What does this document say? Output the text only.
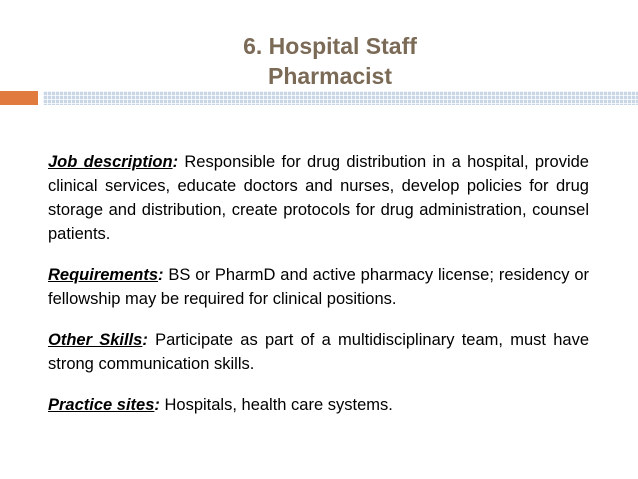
6. Hospital Staff
Pharmacist

Job description: Responsible for drug distribution in a hospital, provide clinical services, educate doctors and nurses, develop policies for drug storage and distribution, create protocols for drug administration, counsel patients.

Requirements: BS or PharmD and active pharmacy license; residency or fellowship may be required for clinical positions.

Other Skills: Participate as part of a multidisciplinary team, must have strong communication skills.

Practice sites: Hospitals, health care systems.
